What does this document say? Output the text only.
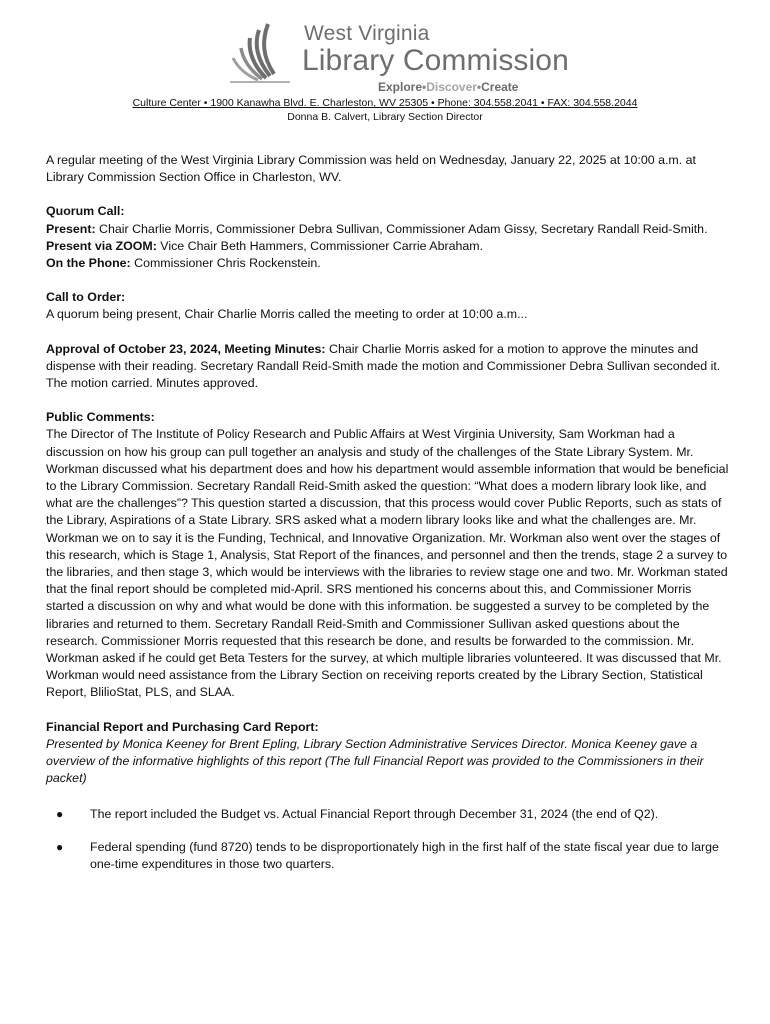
West Virginia
Library Commission
Explore•Discover•Create
Culture Center • 1900 Kanawha Blvd. E. Charleston, WV 25305 • Phone: 304.558.2041 • FAX: 304.558.2044
Donna B. Calvert, Library Section Director

A regular meeting of the West Virginia Library Commission was held on Wednesday, January 22, 2025 at 10:00 a.m. at Library Commission Section Office in Charleston, WV.

Quorum Call:
Present: Chair Charlie Morris, Commissioner Debra Sullivan, Commissioner Adam Gissy, Secretary Randall Reid-Smith.
Present via ZOOM: Vice Chair Beth Hammers, Commissioner Carrie Abraham.
On the Phone: Commissioner Chris Rockenstein.

Call to Order:
A quorum being present, Chair Charlie Morris called the meeting to order at 10:00 a.m...

Approval of October 23, 2024, Meeting Minutes: Chair Charlie Morris asked for a motion to approve the minutes and dispense with their reading. Secretary Randall Reid-Smith made the motion and Commissioner Debra Sullivan seconded it. The motion carried. Minutes approved.

Public Comments:
The Director of The Institute of Policy Research and Public Affairs at West Virginia University, Sam Workman had a discussion on how his group can pull together an analysis and study of the challenges of the State Library System. Mr. Workman discussed what his department does and how his department would assemble information that would be beneficial to the Library Commission. Secretary Randall Reid-Smith asked the question: “What does a modern library look like, and what are the challenges”? This question started a discussion, that this process would cover Public Reports, such as stats of the Library, Aspirations of a State Library. SRS asked what a modern library looks like and what the challenges are. Mr. Workman we on to say it is the Funding, Technical, and Innovative Organization. Mr. Workman also went over the stages of this research, which is Stage 1, Analysis, Stat Report of the finances, and personnel and then the trends, stage 2 a survey to the libraries, and then stage 3, which would be interviews with the libraries to review stage one and two. Mr. Workman stated that the final report should be completed mid-April. SRS mentioned his concerns about this, and Commissioner Morris started a discussion on why and what would be done with this information. be suggested a survey to be completed by the libraries and returned to them. Secretary Randall Reid-Smith and Commissioner Sullivan asked questions about the research. Commissioner Morris requested that this research be done, and results be forwarded to the commission. Mr. Workman asked if he could get Beta Testers for the survey, at which multiple libraries volunteered. It was discussed that Mr. Workman would need assistance from the Library Section on receiving reports created by the Library Section, Statistical Report, BlilioStat, PLS, and SLAA.

Financial Report and Purchasing Card Report:
Presented by Monica Keeney for Brent Epling, Library Section Administrative Services Director. Monica Keeney gave a overview of the informative highlights of this report (The full Financial Report was provided to the Commissioners in their packet)

● The report included the Budget vs. Actual Financial Report through December 31, 2024 (the end of Q2).
● Federal spending (fund 8720) tends to be disproportionately high in the first half of the state fiscal year due to large one-time expenditures in those two quarters.
